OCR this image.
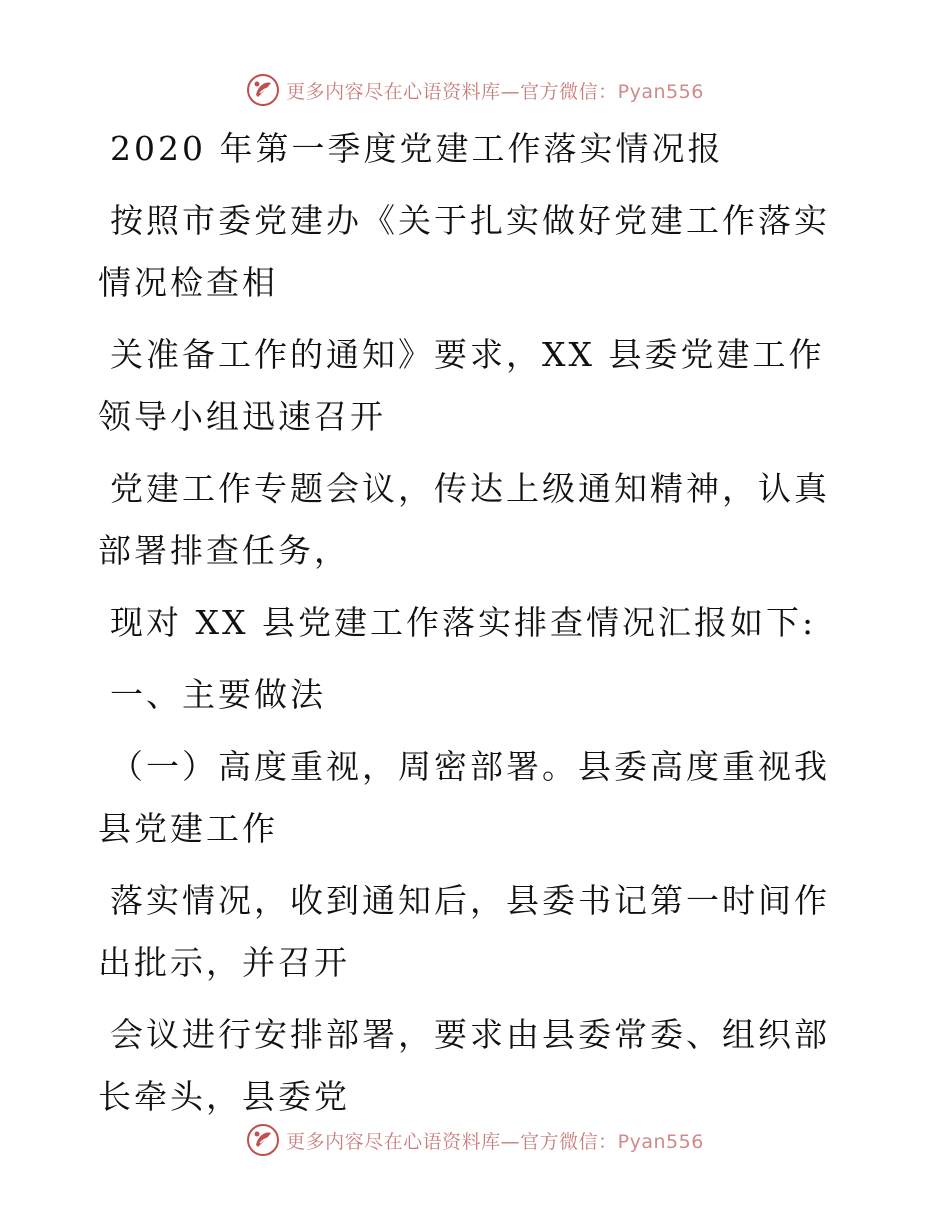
更多内容尽在心语资料库—官方微信：Pyan556
2020 年第一季度党建工作落实情况报

按照市委党建办《关于扎实做好党建工作落实情况检查相

关准备工作的通知》要求，XX 县委党建工作领导小组迅速召开

党建工作专题会议，传达上级通知精神，认真部署排查任务，

现对 XX 县党建工作落实排查情况汇报如下:

一、主要做法

（一）高度重视，周密部署。县委高度重视我县党建工作

落实情况，收到通知后，县委书记第一时间作出批示，并召开

会议进行安排部署，要求由县委常委、组织部长牵头，县委党

更多内容尽在心语资料库—官方微信：Pyan556
